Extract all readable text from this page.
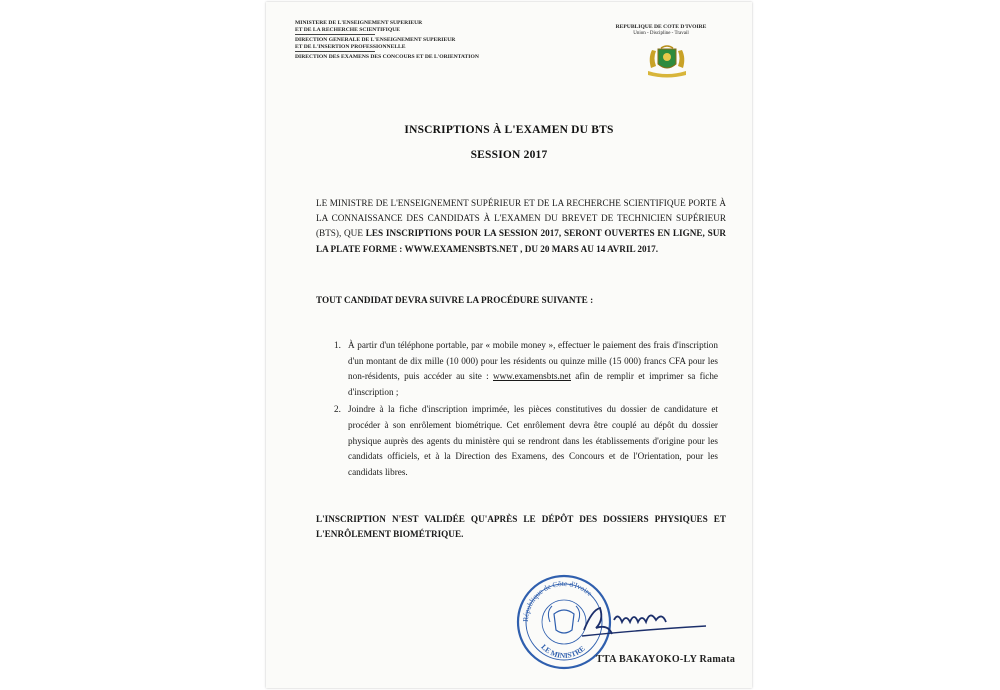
MINISTERE DE L'ENSEIGNEMENT SUPERIEUR
ET DE LA RECHERCHE SCIENTIFIQUE
DIRECTION GENERALE DE L'ENSEIGNEMENT SUPERIEUR
ET DE L'INSERTION PROFESSIONNELLE
DIRECTION DES EXAMENS DES CONCOURS ET DE L'ORIENTATION
REPUBLIQUE DE COTE D'IVOIRE
Union - Discipline - Travail
INSCRIPTIONS À L'EXAMEN DU BTS
SESSION 2017
LE MINISTRE DE L'ENSEIGNEMENT SUPÉRIEUR ET DE LA RECHERCHE SCIENTIFIQUE PORTE À LA CONNAISSANCE DES CANDIDATS À L'EXAMEN DU BREVET DE TECHNICIEN SUPÉRIEUR (BTS), QUE LES INSCRIPTIONS POUR LA SESSION 2017, SERONT OUVERTES EN LIGNE, SUR LA PLATE FORME : WWW.EXAMENSBTS.NET , DU 20 MARS AU 14 AVRIL 2017.
TOUT CANDIDAT DEVRA SUIVRE LA PROCÉDURE SUIVANTE :
1. À partir d'un téléphone portable, par « mobile money », effectuer le paiement des frais d'inscription d'un montant de dix mille (10 000) pour les résidents ou quinze mille (15 000) francs CFA pour les non-résidents, puis accéder au site : www.examensbts.net afin de remplir et imprimer sa fiche d'inscription ;
2. Joindre à la fiche d'inscription imprimée, les pièces constitutives du dossier de candidature et procéder à son enrôlement biométrique. Cet enrôlement devra être couplé au dépôt du dossier physique auprès des agents du ministère qui se rendront dans les établissements d'origine pour les candidats officiels, et à la Direction des Examens, des Concours et de l'Orientation, pour les candidats libres.
L'INSCRIPTION N'EST VALIDÉE QU'APRÈS LE DÉPÔT DES DOSSIERS PHYSIQUES ET L'ENRÔLEMENT BIOMÉTRIQUE.
République de Côte d'Ivoire
LE MINISTRE
TTA BAKAYOKO-LY Ramata
